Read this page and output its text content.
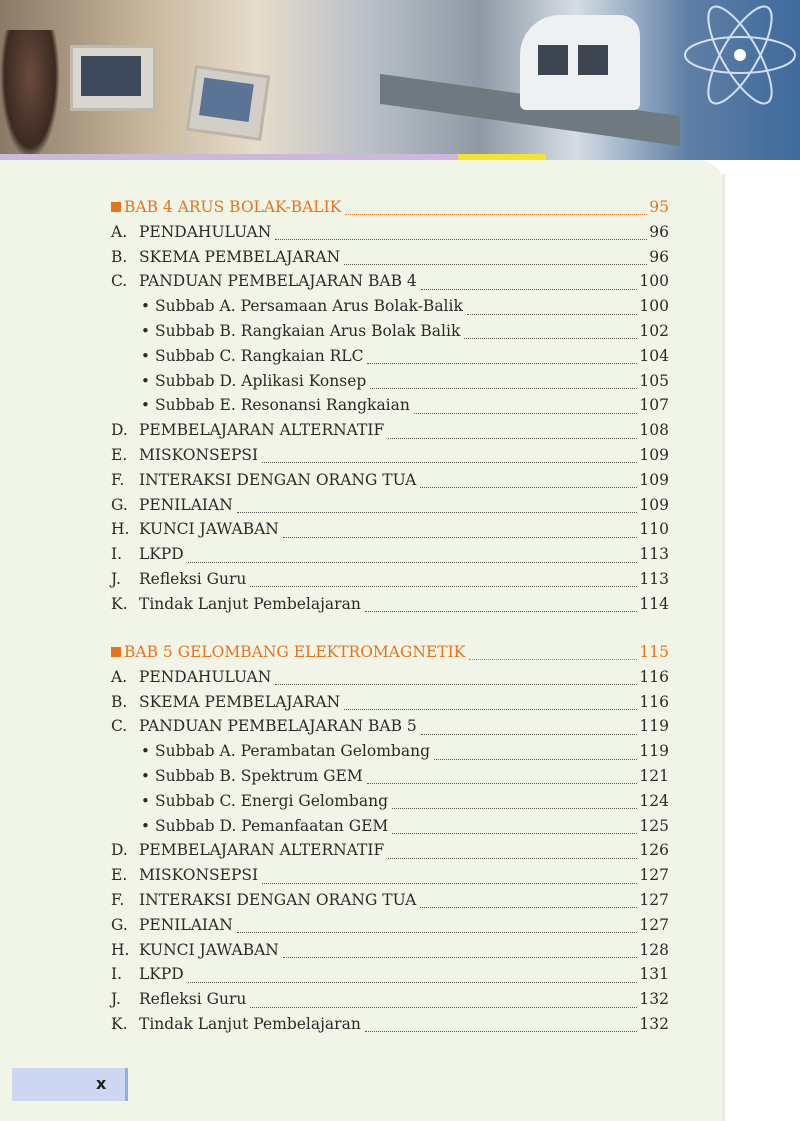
BAB 4 ARUS BOLAK-BALIK	95
A. PENDAHULUAN	96
B. SKEMA PEMBELAJARAN	96
C. PANDUAN PEMBELAJARAN BAB 4	100
• Subbab A. Persamaan Arus Bolak-Balik	100
• Subbab B. Rangkaian Arus Bolak Balik	102
• Subbab C. Rangkaian RLC	104
• Subbab D. Aplikasi Konsep	105
• Subbab E. Resonansi Rangkaian	107
D. PEMBELAJARAN ALTERNATIF	108
E. MISKONSEPSI	109
F. INTERAKSI DENGAN ORANG TUA	109
G. PENILAIAN	109
H. KUNCI JAWABAN	110
I.	LKPD	113
J.	Refleksi Guru	113
K. Tindak Lanjut Pembelajaran	114
BAB 5 GELOMBANG ELEKTROMAGNETIK	115
A. PENDAHULUAN	116
B. SKEMA PEMBELAJARAN	116
C. PANDUAN PEMBELAJARAN BAB 5	119
• Subbab A. Perambatan Gelombang	119
• Subbab B. Spektrum GEM	121
• Subbab C. Energi Gelombang	124
• Subbab D. Pemanfaatan GEM	125
D. PEMBELAJARAN ALTERNATIF	126
E. MISKONSEPSI	127
F. INTERAKSI DENGAN ORANG TUA	127
G. PENILAIAN	127
H. KUNCI JAWABAN	128
I.	LKPD	131
J.	Refleksi Guru	132
K. Tindak Lanjut Pembelajaran	132
x
